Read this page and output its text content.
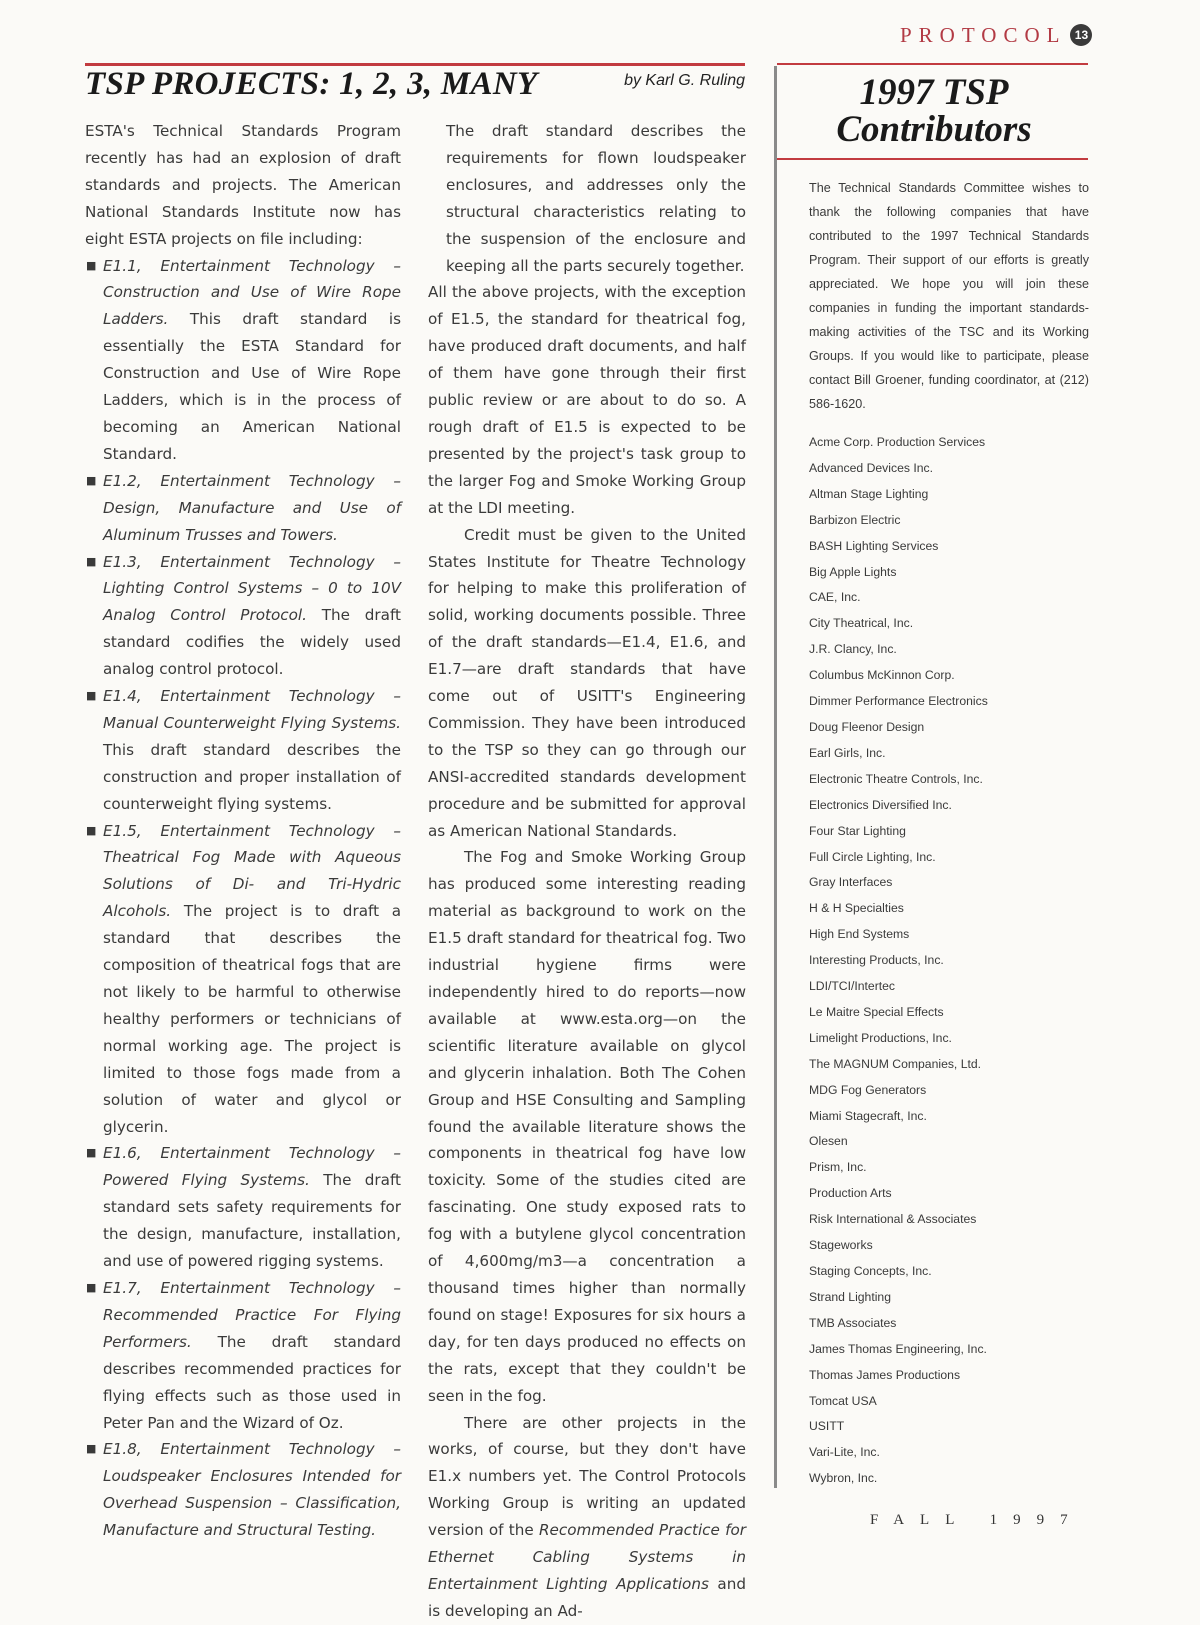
PROTOCOL 13
TSP PROJECTS: 1, 2, 3, MANY	by Karl G. Ruling

ESTA's Technical Standards Program recently has had an explosion of draft standards and projects. The American National Standards Institute now has eight ESTA projects on file including:

■ E1.1, Entertainment Technology – Construction and Use of Wire Rope Ladders. This draft standard is essentially the ESTA Standard for Construction and Use of Wire Rope Ladders, which is in the process of becoming an American National Standard.
■ E1.2, Entertainment Technology – Design, Manufacture and Use of Aluminum Trusses and Towers.
■ E1.3, Entertainment Technology – Lighting Control Systems – 0 to 10V Analog Control Protocol. The draft standard codifies the widely used analog control protocol.
■ E1.4, Entertainment Technology – Manual Counterweight Flying Systems. This draft standard describes the construction and proper installation of counterweight flying systems.
■ E1.5, Entertainment Technology – Theatrical Fog Made with Aqueous Solutions of Di- and Tri-Hydric Alcohols. The project is to draft a standard that describes the composition of theatrical fogs that are not likely to be harmful to otherwise healthy performers or technicians of normal working age. The project is limited to those fogs made from a solution of water and glycol or glycerin.
■ E1.6, Entertainment Technology – Powered Flying Systems. The draft standard sets safety requirements for the design, manufacture, installation, and use of powered rigging systems.
■ E1.7, Entertainment Technology – Recommended Practice For Flying Performers. The draft standard describes recommended practices for flying effects such as those used in Peter Pan and the Wizard of Oz.
■ E1.8, Entertainment Technology – Loudspeaker Enclosures Intended for Overhead Suspension – Classification, Manufacture and Structural Testing.

The draft standard describes the requirements for flown loudspeaker enclosures, and addresses only the structural characteristics relating to the suspension of the enclosure and keeping all the parts securely together.

All the above projects, with the exception of E1.5, the standard for theatrical fog, have produced draft documents, and half of them have gone through their first public review or are about to do so. A rough draft of E1.5 is expected to be presented by the project's task group to the larger Fog and Smoke Working Group at the LDI meeting.

Credit must be given to the United States Institute for Theatre Technology for helping to make this proliferation of solid, working documents possible. Three of the draft standards—E1.4, E1.6, and E1.7—are draft standards that have come out of USITT's Engineering Commission. They have been introduced to the TSP so they can go through our ANSI-accredited standards development procedure and be submitted for approval as American National Standards.

The Fog and Smoke Working Group has produced some interesting reading material as background to work on the E1.5 draft standard for theatrical fog. Two industrial hygiene firms were independently hired to do reports—now available at www.esta.org—on the scientific literature available on glycol and glycerin inhalation. Both The Cohen Group and HSE Consulting and Sampling found the available literature shows the components in theatrical fog have low toxicity. Some of the studies cited are fascinating. One study exposed rats to fog with a butylene glycol concentration of 4,600mg/m3—a concentration a thousand times higher than normally found on stage! Exposures for six hours a day, for ten days produced no effects on the rats, except that they couldn't be seen in the fog.

There are other projects in the works, of course, but they don't have E1.x numbers yet. The Control Protocols Working Group is writing an updated version of the Recommended Practice for Ethernet Cabling Systems in Entertainment Lighting Applications and is developing an Ad-

1997 TSP
Contributors
The Technical Standards Committee wishes to thank the following companies that have contributed to the 1997 Technical Standards Program. Their support of our efforts is greatly appreciated. We hope you will join these companies in funding the important standards-making activities of the TSC and its Working Groups. If you would like to participate, please contact Bill Groener, funding coordinator, at (212) 586-1620.
Acme Corp. Production Services
Advanced Devices Inc.
Altman Stage Lighting
Barbizon Electric
BASH Lighting Services
Big Apple Lights
CAE, Inc.
City Theatrical, Inc.
J.R. Clancy, Inc.
Columbus McKinnon Corp.
Dimmer Performance Electronics
Doug Fleenor Design
Earl Girls, Inc.
Electronic Theatre Controls, Inc.
Electronics Diversified Inc.
Four Star Lighting
Full Circle Lighting, Inc.
Gray Interfaces
H & H Specialties
High End Systems
Interesting Products, Inc.
LDI/TCI/Intertec
Le Maitre Special Effects
Limelight Productions, Inc.
The MAGNUM Companies, Ltd.
MDG Fog Generators
Miami Stagecraft, Inc.
Olesen
Prism, Inc.
Production Arts
Risk International & Associates
Stageworks
Staging Concepts, Inc.
Strand Lighting
TMB Associates
James Thomas Engineering, Inc.
Thomas James Productions
Tomcat USA
USITT
Vari-Lite, Inc.
Wybron, Inc.
FALL 1997
